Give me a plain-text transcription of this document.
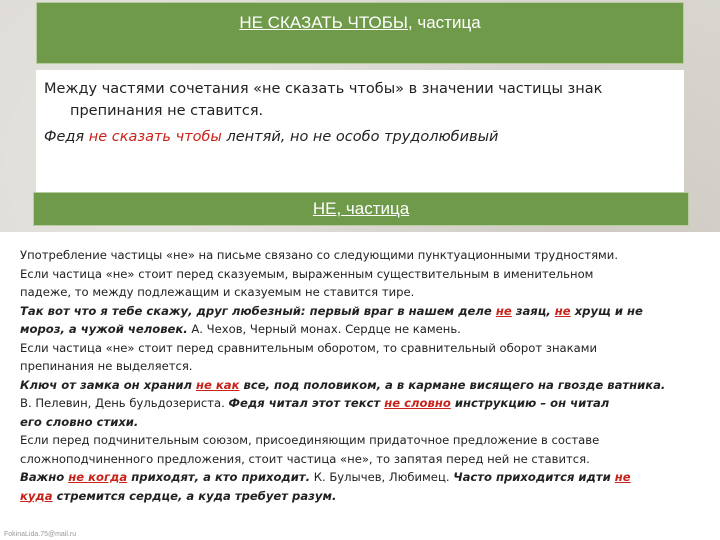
НЕ СКАЗАТЬ ЧТОБЫ, частица
Между частями сочетания «не сказать чтобы» в значении частицы знак
препинания не ставится.
Федя не сказать чтобы лентяй, но не особо трудолюбивый
НЕ, частица

Употребление частицы «не» на письме связано со следующими пунктуационными трудностями.

Если частица «не» стоит перед сказуемым, выраженным существительным в именительном

падеже, то между подлежащим и сказуемым не ставится тире.

Так вот что я тебе скажу, друг любезный: первый враг в нашем деле не заяц, не хрущ и не

мороз, а чужой человек. А. Чехов, Черный монах. Сердце не камень.

Если частица «не» стоит перед сравнительным оборотом, то сравнительный оборот знаками

препинания не выделяется.

Ключ от замка он хранил не как все, под половиком, а в кармане висящего на гвозде ватника.

В. Пелевин, День бульдозериста. Федя читал этот текст не словно инструкцию – он читал

его словно стихи.

Если перед подчинительным союзом, присоединяющим придаточное предложение в составе

сложноподчиненного предложения, стоит частица «не», то запятая перед ней не ставится.

Важно не когда приходят, а кто приходит. К. Булычев, Любимец. Часто приходится идти не

куда стремится сердце, а куда требует разум.

FokinaLida.75@mail.ru
